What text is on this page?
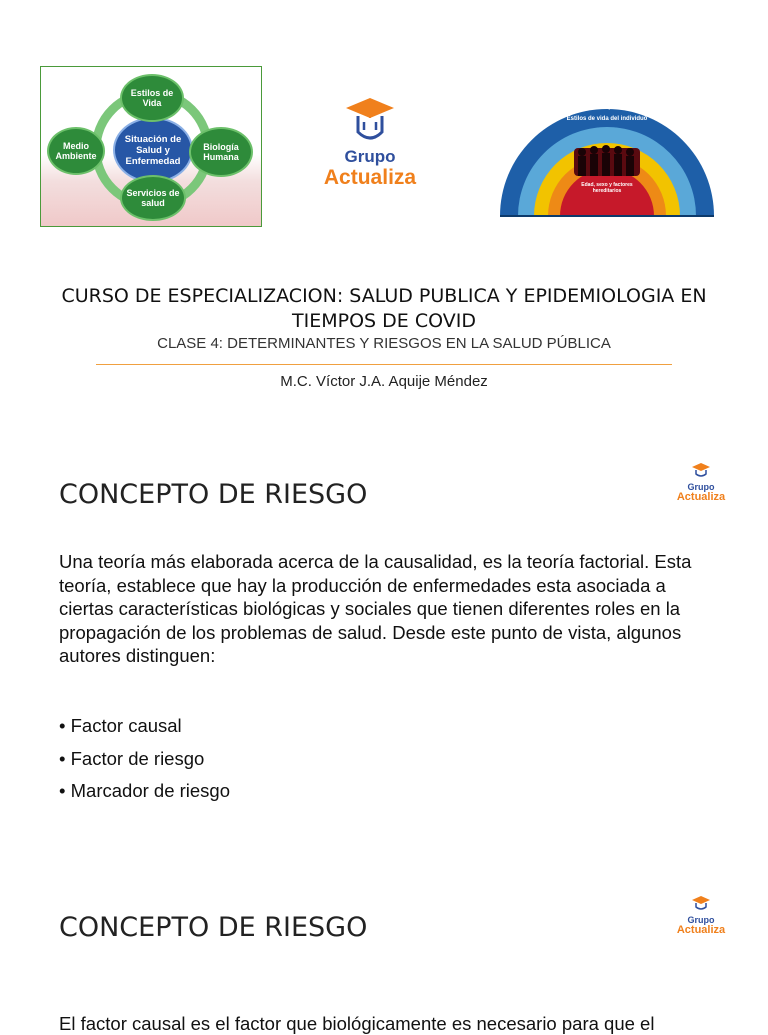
Situación de Salud y Enfermedad
Estilos de Vida
Medio Ambiente
Biología Humana
Servicios de salud
Grupo
Actualiza	Edad, sexo y factores hereditarios
Estilos de vida del individuo
Redes sociales y comunitarias
Condiciones socioeconómicas, culturales y medioambientales
CURSO DE ESPECIALIZACION: SALUD PUBLICA Y EPIDEMIOLOGIA EN TIEMPOS DE COVID
CLASE 4: DETERMINANTES Y RIESGOS EN LA SALUD PÚBLICA
M.C. Víctor J.A. Aquije Méndez
CONCEPTO DE RIESGO	Grupo
Actualiza
Una teoría más elaborada acerca de la causalidad, es la teoría factorial. Esta teoría, establece que hay la producción de enfermedades esta asociada a ciertas características biológicas y sociales que tienen diferentes roles en la propagación de los problemas de salud. Desde este punto de vista, algunos autores distinguen:
• Factor causal
• Factor de riesgo
• Marcador de riesgo
CONCEPTO DE RIESGO	Grupo
Actualiza
El factor causal es el factor que biológicamente es necesario para que el
